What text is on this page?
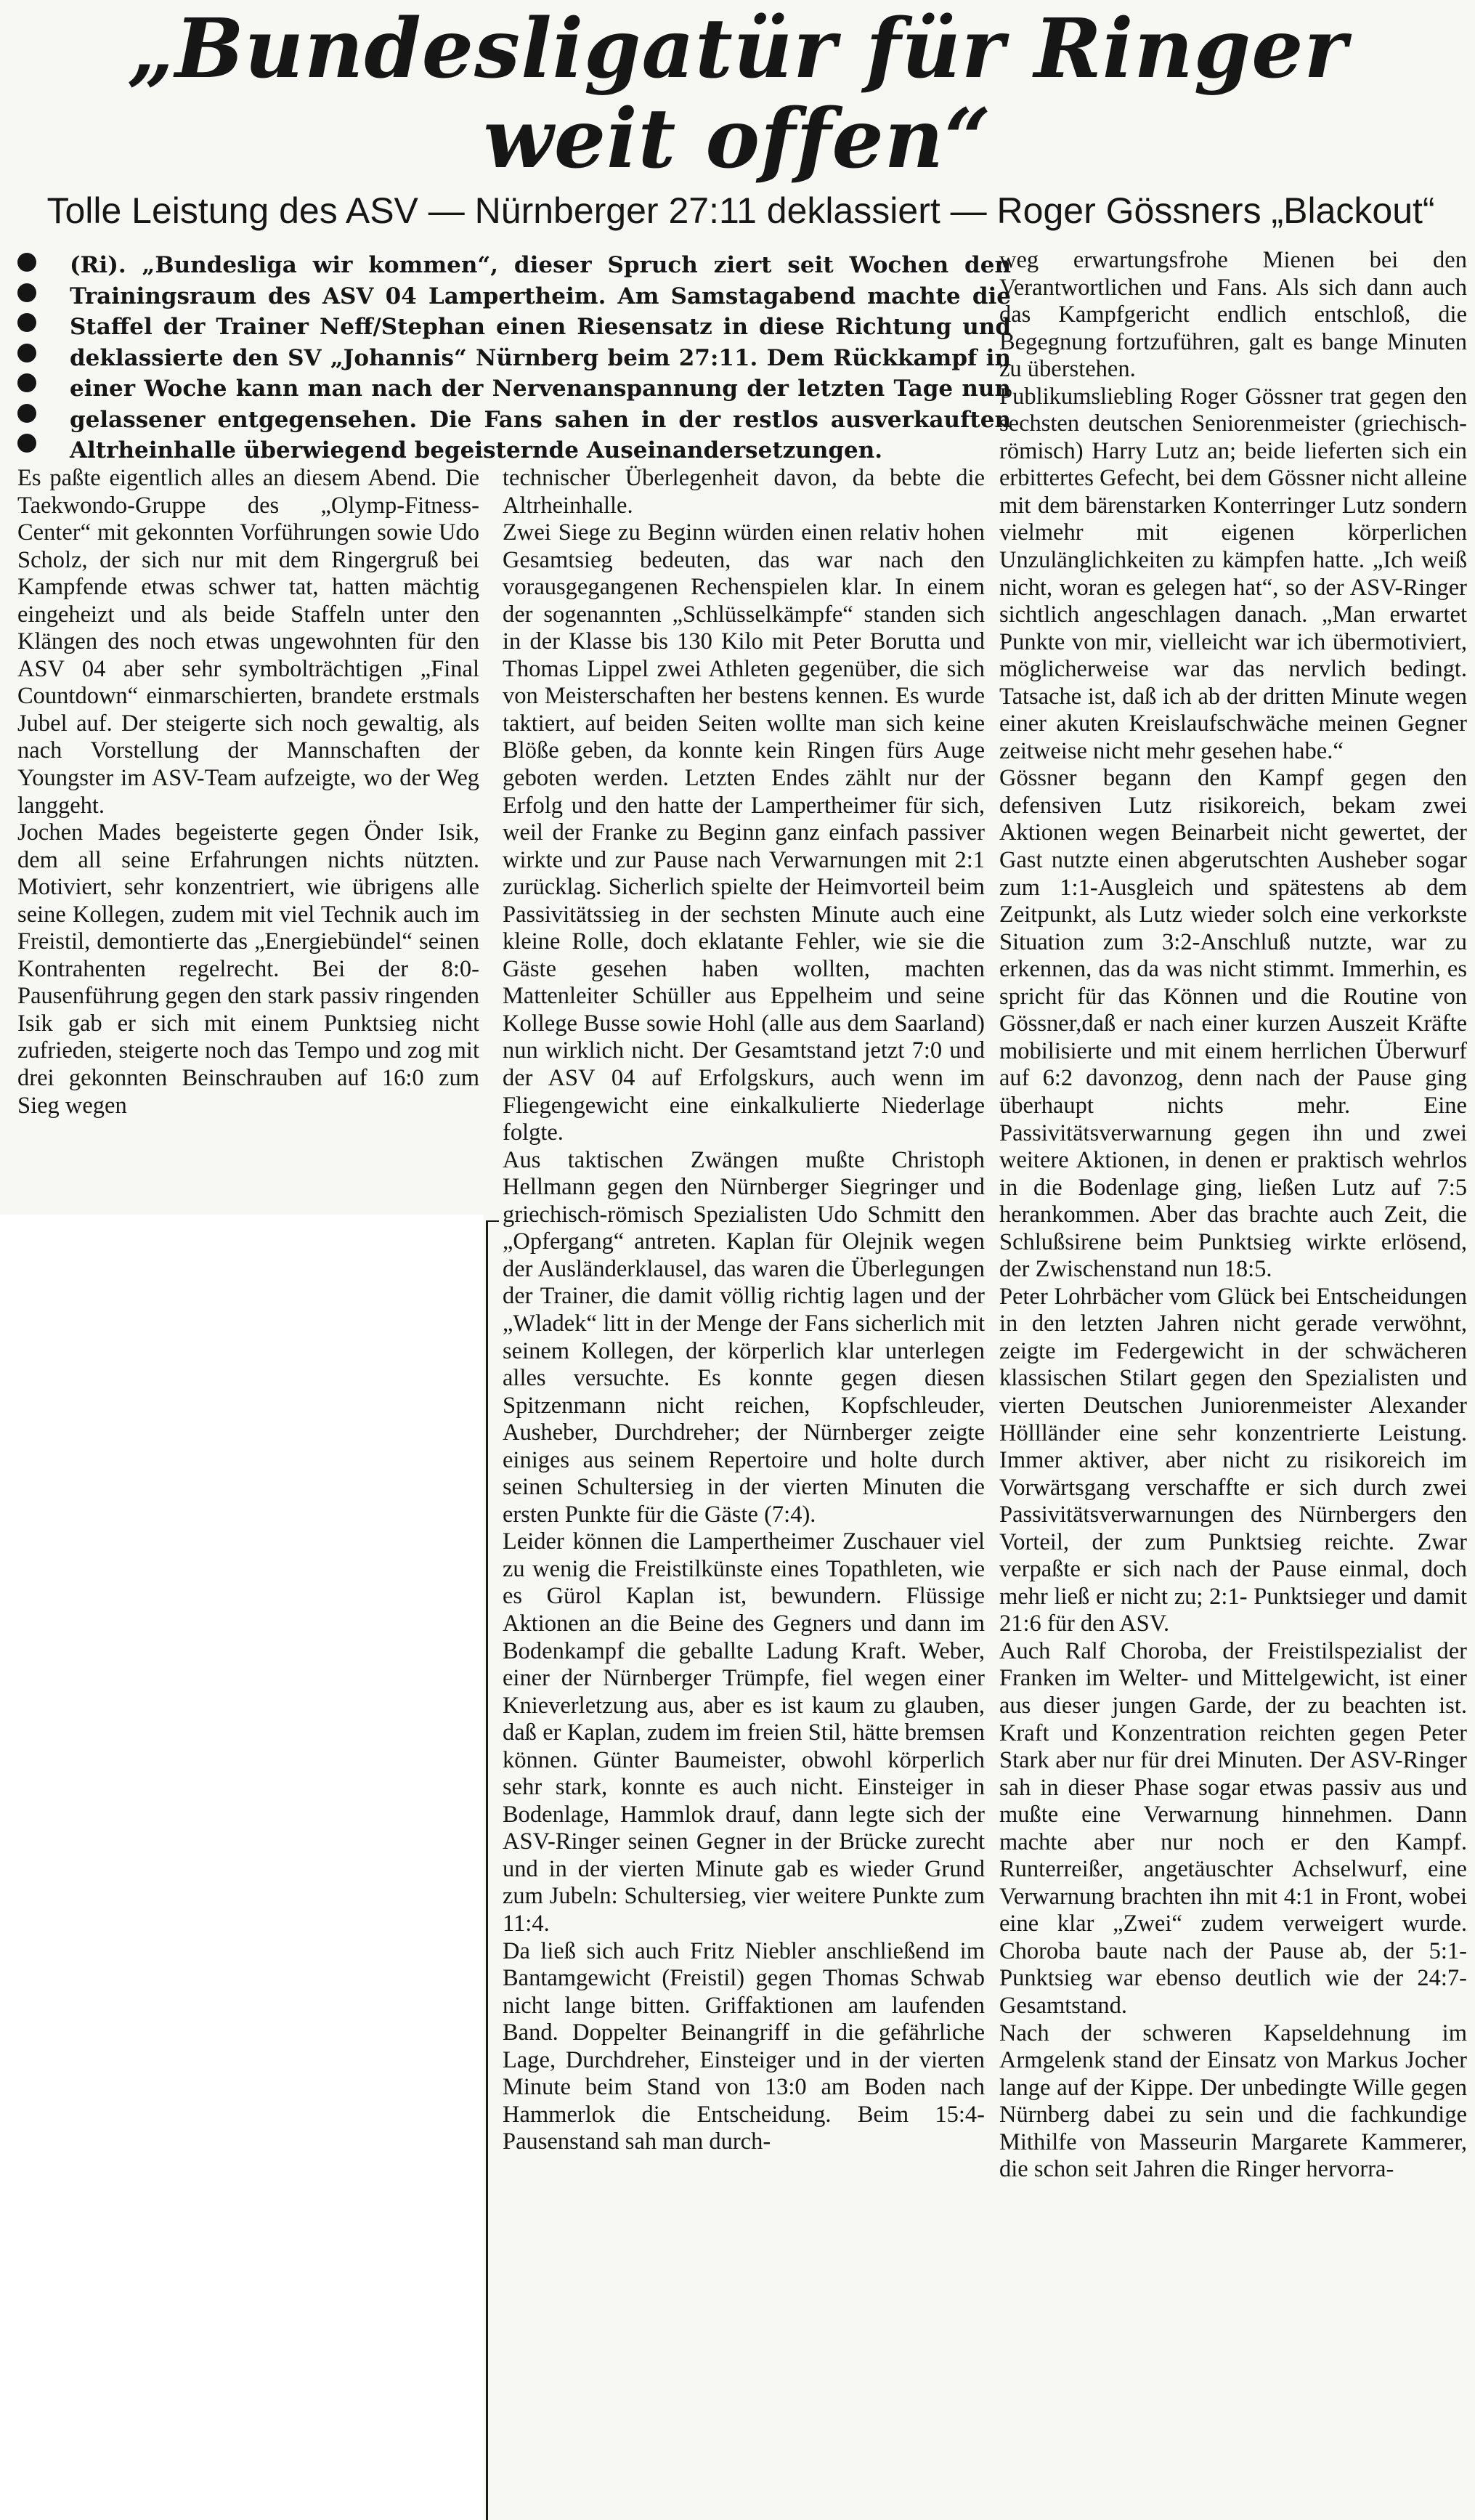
„Bundesligatür für Ringer
weit offen“
Tolle Leistung des ASV — Nürnberger 27:11 deklassiert — Roger Gössners „Blackout“

(Ri). „Bundesliga wir kommen“, dieser Spruch ziert seit Wochen den Trainingsraum des ASV 04 Lampertheim. Am Samstagabend machte die Staffel der Trainer Neff/Stephan einen Riesensatz in diese Richtung und deklassierte den SV „Johannis“ Nürnberg beim 27:11. Dem Rückkampf in einer Woche kann man nach der Nervenanspannung der letzten Tage nun gelassener entgegensehen. Die Fans sahen in der restlos ausverkauften Altrheinhalle überwiegend begeisternde Auseinandersetzungen.

Es paßte eigentlich alles an diesem Abend. Die Taekwondo-Gruppe des „Olymp-Fitness-Center“ mit gekonnten Vorführungen sowie Udo Scholz, der sich nur mit dem Ringergruß bei Kampfende etwas schwer tat, hatten mächtig eingeheizt und als beide Staffeln unter den Klängen des noch etwas ungewohnten für den ASV 04 aber sehr symbolträchtigen „Final Countdown“ einmarschierten, brandete erstmals Jubel auf. Der steigerte sich noch gewaltig, als nach Vorstellung der Mannschaften der Youngster im ASV-Team aufzeigte, wo der Weg langgeht.

Jochen Mades begeisterte gegen Önder Isik, dem all seine Erfahrungen nichts nützten. Motiviert, sehr konzentriert, wie übrigens alle seine Kollegen, zudem mit viel Technik auch im Freistil, demontierte das „Energiebündel“ seinen Kontrahenten regelrecht. Bei der 8:0-Pausenführung gegen den stark passiv ringenden Isik gab er sich mit einem Punktsieg nicht zufrieden, steigerte noch das Tempo und zog mit drei gekonnten Beinschrauben auf 16:0 zum Sieg wegen

technischer Überlegenheit davon, da bebte die Altrheinhalle.

Zwei Siege zu Beginn würden einen relativ hohen Gesamtsieg bedeuten, das war nach den vorausgegangenen Rechenspielen klar. In einem der sogenannten „Schlüsselkämpfe“ standen sich in der Klasse bis 130 Kilo mit Peter Borutta und Thomas Lippel zwei Athleten gegenüber, die sich von Meisterschaften her bestens kennen. Es wurde taktiert, auf beiden Seiten wollte man sich keine Blöße geben, da konnte kein Ringen fürs Auge geboten werden. Letzten Endes zählt nur der Erfolg und den hatte der Lampertheimer für sich, weil der Franke zu Beginn ganz einfach passiver wirkte und zur Pause nach Verwarnungen mit 2:1 zurücklag. Sicherlich spielte der Heimvorteil beim Passivitätssieg in der sechsten Minute auch eine kleine Rolle, doch eklatante Fehler, wie sie die Gäste gesehen haben wollten, machten Mattenleiter Schüller aus Eppelheim und seine Kollege Busse sowie Hohl (alle aus dem Saarland) nun wirklich nicht. Der Gesamtstand jetzt 7:0 und der ASV 04 auf Erfolgskurs, auch wenn im Fliegengewicht eine einkalkulierte Niederlage folgte.

Aus taktischen Zwängen mußte Christoph Hellmann gegen den Nürnberger Siegringer und griechisch-römisch Spezialisten Udo Schmitt den „Opfergang“ antreten. Kaplan für Olejnik wegen der Ausländerklausel, das waren die Überlegungen der Trainer, die damit völlig richtig lagen und der „Wladek“ litt in der Menge der Fans sicherlich mit seinem Kollegen, der körperlich klar unterlegen alles versuchte. Es konnte gegen diesen Spitzenmann nicht reichen, Kopfschleuder, Ausheber, Durchdreher; der Nürnberger zeigte einiges aus seinem Repertoire und holte durch seinen Schultersieg in der vierten Minuten die ersten Punkte für die Gäste (7:4).

Leider können die Lampertheimer Zuschauer viel zu wenig die Freistilkünste eines Topathleten, wie es Gürol Kaplan ist, bewundern. Flüssige Aktionen an die Beine des Gegners und dann im Bodenkampf die geballte Ladung Kraft. Weber, einer der Nürnberger Trümpfe, fiel wegen einer Knieverletzung aus, aber es ist kaum zu glauben, daß er Kaplan, zudem im freien Stil, hätte bremsen können. Günter Baumeister, obwohl körperlich sehr stark, konnte es auch nicht. Einsteiger in Bodenlage, Hammlok drauf, dann legte sich der ASV-Ringer seinen Gegner in der Brücke zurecht und in der vierten Minute gab es wieder Grund zum Jubeln: Schultersieg, vier weitere Punkte zum 11:4.

Da ließ sich auch Fritz Niebler anschließend im Bantamgewicht (Freistil) gegen Thomas Schwab nicht lange bitten. Griffaktionen am laufenden Band. Doppelter Beinangriff in die gefährliche Lage, Durchdreher, Einsteiger und in der vierten Minute beim Stand von 13:0 am Boden nach Hammerlok die Entscheidung. Beim 15:4-Pausenstand sah man durch-

weg erwartungsfrohe Mienen bei den Verantwortlichen und Fans. Als sich dann auch das Kampfgericht endlich entschloß, die Begegnung fortzuführen, galt es bange Minuten zu überstehen.

Publikumsliebling Roger Gössner trat gegen den sechsten deutschen Seniorenmeister (griechisch-römisch) Harry Lutz an; beide lieferten sich ein erbittertes Gefecht, bei dem Gössner nicht alleine mit dem bärenstarken Konterringer Lutz sondern vielmehr mit eigenen körperlichen Unzulänglichkeiten zu kämpfen hatte. „Ich weiß nicht, woran es gelegen hat“, so der ASV-Ringer sichtlich angeschlagen danach. „Man erwartet Punkte von mir, vielleicht war ich übermotiviert, möglicherweise war das nervlich bedingt. Tatsache ist, daß ich ab der dritten Minute wegen einer akuten Kreislaufschwäche meinen Gegner zeitweise nicht mehr gesehen habe.“

Gössner begann den Kampf gegen den defensiven Lutz risikoreich, bekam zwei Aktionen wegen Beinarbeit nicht gewertet, der Gast nutzte einen abgerutschten Ausheber sogar zum 1:1-Ausgleich und spätestens ab dem Zeitpunkt, als Lutz wieder solch eine verkorkste Situation zum 3:2-Anschluß nutzte, war zu erkennen, das da was nicht stimmt. Immerhin, es spricht für das Können und die Routine von Gössner,daß er nach einer kurzen Auszeit Kräfte mobilisierte und mit einem herrlichen Überwurf auf 6:2 davonzog, denn nach der Pause ging überhaupt nichts mehr. Eine Passivitätsverwarnung gegen ihn und zwei weitere Aktionen, in denen er praktisch wehrlos in die Bodenlage ging, ließen Lutz auf 7:5 herankommen. Aber das brachte auch Zeit, die Schlußsirene beim Punktsieg wirkte erlösend, der Zwischenstand nun 18:5.

Peter Lohrbächer vom Glück bei Entscheidungen in den letzten Jahren nicht gerade verwöhnt, zeigte im Federgewicht in der schwächeren klassischen Stilart gegen den Spezialisten und vierten Deutschen Juniorenmeister Alexander Höllländer eine sehr konzentrierte Leistung. Immer aktiver, aber nicht zu risikoreich im Vorwärtsgang verschaffte er sich durch zwei Passivitätsverwarnungen des Nürnbergers den Vorteil, der zum Punktsieg reichte. Zwar verpaßte er sich nach der Pause einmal, doch mehr ließ er nicht zu; 2:1- Punktsieger und damit 21:6 für den ASV.

Auch Ralf Choroba, der Freistilspezialist der Franken im Welter- und Mittelgewicht, ist einer aus dieser jungen Garde, der zu beachten ist. Kraft und Konzentration reichten gegen Peter Stark aber nur für drei Minuten. Der ASV-Ringer sah in dieser Phase sogar etwas passiv aus und mußte eine Verwarnung hinnehmen. Dann machte aber nur noch er den Kampf. Runterreißer, angetäuschter Achselwurf, eine Verwarnung brachten ihn mit 4:1 in Front, wobei eine klar „Zwei“ zudem verweigert wurde. Choroba baute nach der Pause ab, der 5:1-Punktsieg war ebenso deutlich wie der 24:7-Gesamtstand.

Nach der schweren Kapseldehnung im Armgelenk stand der Einsatz von Markus Jocher lange auf der Kippe. Der unbedingte Wille gegen Nürnberg dabei zu sein und die fachkundige Mithilfe von Masseurin Margarete Kammerer, die schon seit Jahren die Ringer hervorra-
